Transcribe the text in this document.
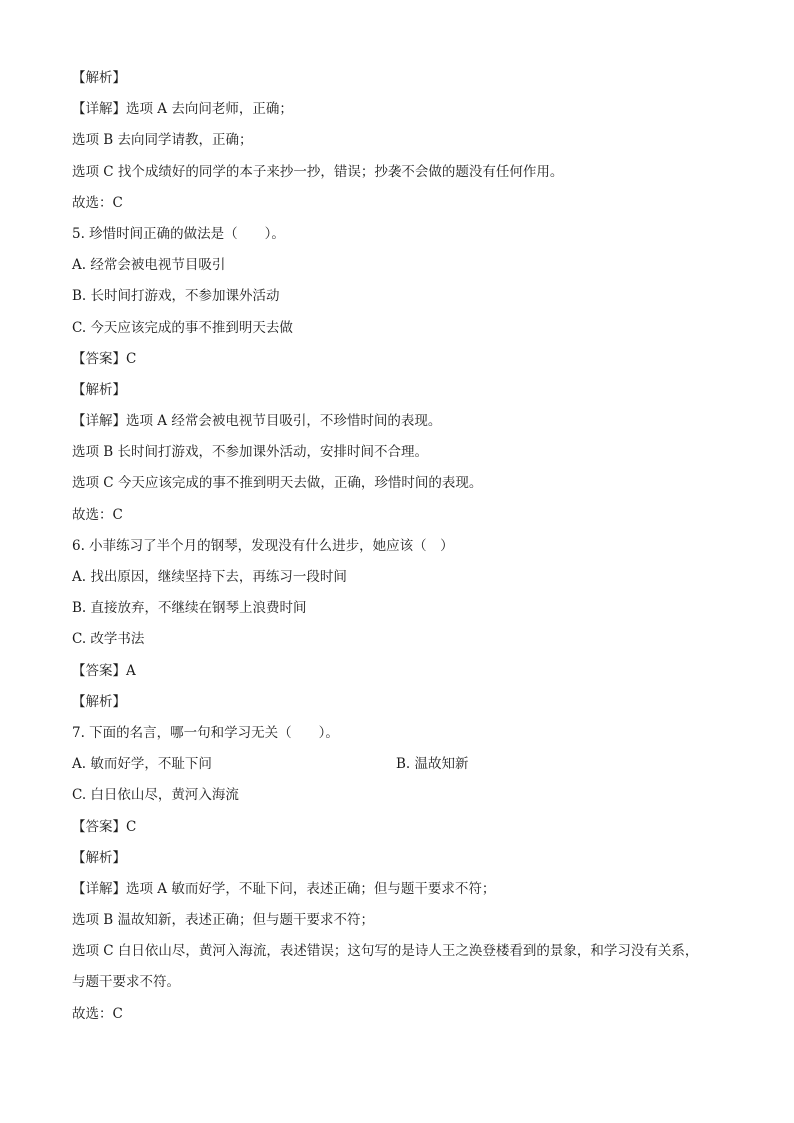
【解析】
【详解】选项 A 去向问老师，正确；
选项 B 去向同学请教，正确；
选项 C 找个成绩好的同学的本子来抄一抄，错误；抄袭不会做的题没有任何作用。
故选：C
5. 珍惜时间正确的做法是（　　）。
A. 经常会被电视节目吸引
B. 长时间打游戏，不参加课外活动
C. 今天应该完成的事不推到明天去做
【答案】C
【解析】
【详解】选项 A 经常会被电视节目吸引，不珍惜时间的表现。
选项 B 长时间打游戏，不参加课外活动，安排时间不合理。
选项 C 今天应该完成的事不推到明天去做，正确，珍惜时间的表现。
故选：C
6. 小菲练习了半个月的钢琴，发现没有什么进步，她应该（　）
A. 找出原因，继续坚持下去，再练习一段时间
B. 直接放弃，不继续在钢琴上浪费时间
C. 改学书法
【答案】A
【解析】
7. 下面的名言，哪一句和学习无关（　　）。
A. 敏而好学，不耻下问	B. 温故知新
C. 白日依山尽，黄河入海流
【答案】C
【解析】
【详解】选项 A 敏而好学，不耻下问，表述正确；但与题干要求不符；
选项 B 温故知新，表述正确；但与题干要求不符；
选项 C 白日依山尽，黄河入海流，表述错误；这句写的是诗人王之涣登楼看到的景象，和学习没有关系，
与题干要求不符。
故选：C
